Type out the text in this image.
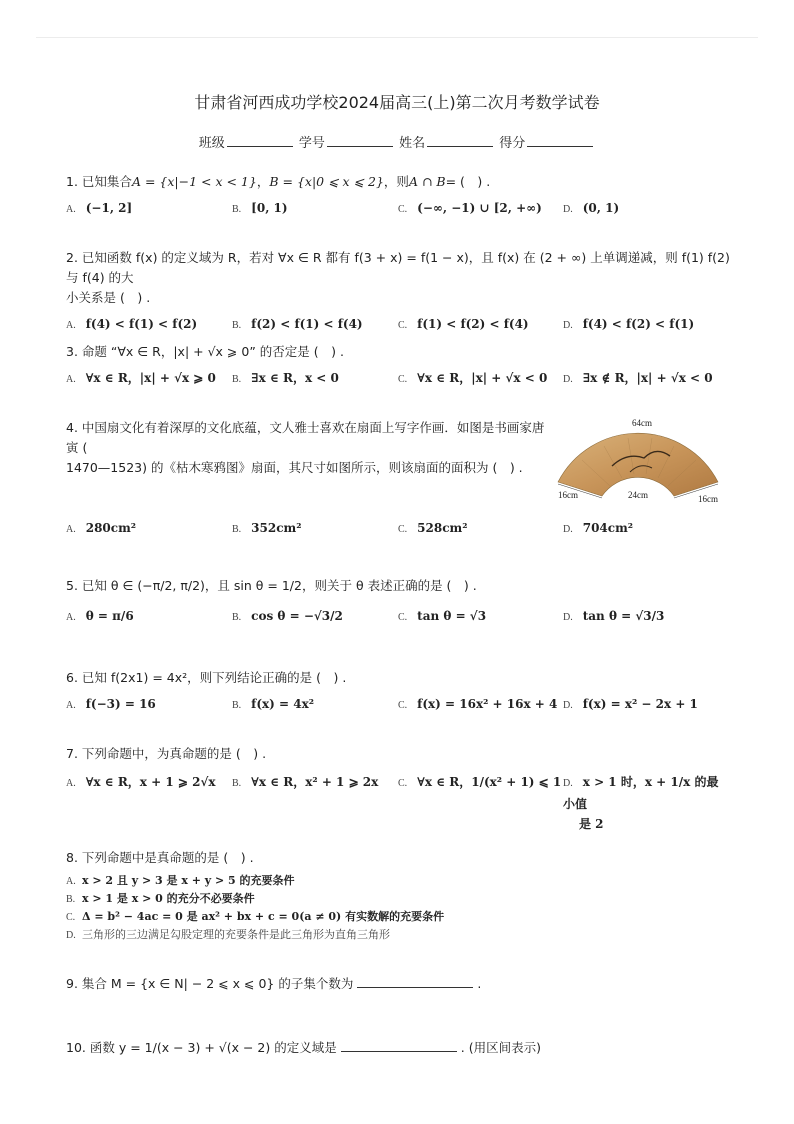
甘肃省河西成功学校2024届高三(上)第二次月考数学试卷
班级	学号	姓名	得分
1. 已知集合A = {x|−1 < x < 1}，B = {x|0 ⩽ x ⩽ 2}，则A ∩ B= (　) .
A. (−1, 2]	B. [0, 1)	C. (−∞, −1) ∪ [2, +∞) D. (0, 1)
2. 已知函数 f(x) 的定义域为 R，若对 ∀x ∈ R 都有 f(3 + x) = f(1 − x)，且 f(x) 在 (2 + ∞) 上单调递减，则 f(1) f(2) 与 f(4) 的大
小关系是 (　) .
A. f(4) < f(1) < f(2)	B. f(2) < f(1) < f(4)	C. f(1) < f(2) < f(4)	D. f(4) < f(2) < f(1)
3. 命题 “∀x ∈ R，|x| + √x ⩾ 0” 的否定是 (　) .
A. ∀x ∈ R，|x| + √x ⩾ 0 B. ∃x ∈ R，x < 0	C. ∀x ∈ R，|x| + √x < 0 D. ∃x ∉ R，|x| + √x < 0
4. 中国扇文化有着深厚的文化底蕴，文人雅士喜欢在扇面上写字作画．如图是书画家唐寅 (
1470—1523) 的《枯木寒鸦图》扇面，其尺寸如图所示，则该扇面的面积为 (　) .
64cm
16cm	24cm	16cm
A. 280cm²	B. 352cm²	C. 528cm²	D. 704cm²
5. 已知 θ ∈ (−π/2, π/2)，且 sin θ = 1/2，则关于 θ 表述正确的是 (　) .
A. θ = π/6	B. cos θ = −√3/2	C. tan θ = √3	D. tan θ = √3/3
6. 已知 f(2x1) = 4x²，则下列结论正确的是 (　) .
A. f(−3) = 16	B. f(x) = 4x²	C. f(x) = 16x² + 16x + 4 D. f(x) = x² − 2x + 1
7. 下列命题中，为真命题的是 (　) .
A. ∀x ∈ R，x + 1 ⩾ 2√x B. ∀x ∈ R，x² + 1 ⩾ 2x C. ∀x ∈ R，1/(x² + 1) ⩽ 1 D. x > 1 时，x + 1/x 的最小值
是 2
8. 下列命题中是真命题的是 (　) .
A. x > 2 且 y > 3 是 x + y > 5 的充要条件
B. x > 1 是 x > 0 的充分不必要条件
C. Δ = b² − 4ac = 0 是 ax² + bx + c = 0(a ≠ 0) 有实数解的充要条件
D. 三角形的三边满足勾股定理的充要条件是此三角形为直角三角形
9. 集合 M = {x ∈ N| − 2 ⩽ x ⩽ 0} 的子集个数为	.
10. 函数 y = 1/(x − 3) + √(x − 2) 的定义域是	. (用区间表示)
